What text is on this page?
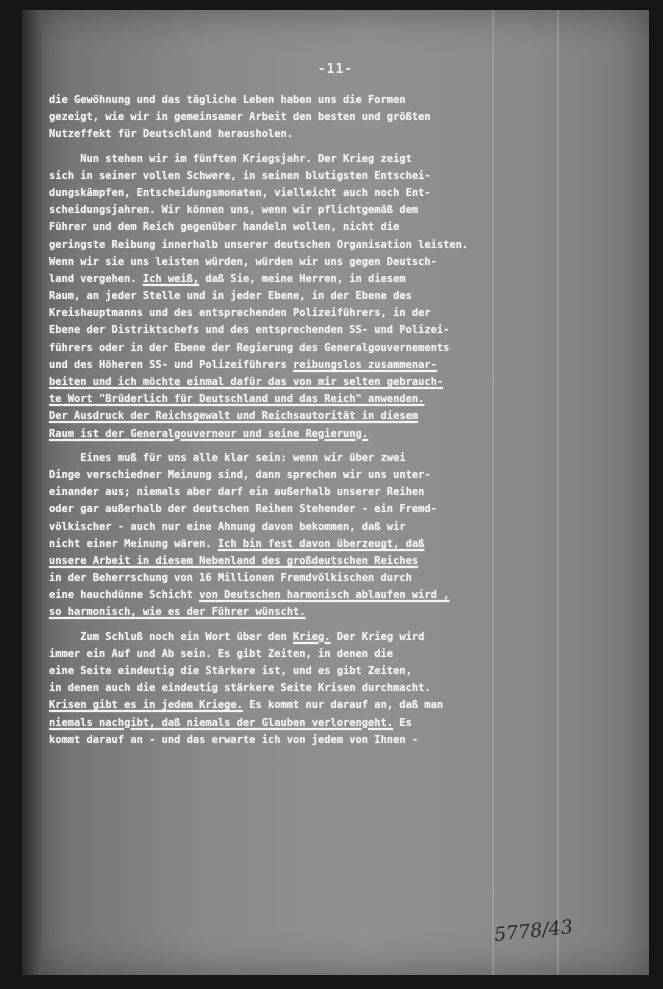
-11-
die Gewöhnung und das tägliche Leben haben uns die Formen
gezeigt, wie wir in gemeinsamer Arbeit den besten und größten
Nutzeffekt für Deutschland herausholen.
Nun stehen wir im fünften Kriegsjahr. Der Krieg zeigt
sich in seiner vollen Schwere, in seinen blutigsten Entschei-
dungskämpfen, Entscheidungsmonaten, vielleicht auch noch Ent-
scheidungsjahren. Wir können uns, wenn wir pflichtgemäß dem
Führer und dem Reich gegenüber handeln wollen, nicht die
geringste Reibung innerhalb unserer deutschen Organisation leisten.
Wenn wir sie uns leisten würden, würden wir uns gegen Deutsch-
land vergehen. Ich weiß, daß Sie, meine Herren, in diesem
Raum, an jeder Stelle und in jeder Ebene, in der Ebene des
Kreishauptmanns und des entsprechenden Polizeiführers, in der
Ebene der Distriktschefs und des entsprechenden SS- und Polizei-
führers oder in der Ebene der Regierung des Generalgouvernements
und des Höheren SS- und Polizeiführers reibungslos zusammenar-
beiten und ich möchte einmal dafür das von mir selten gebrauch-
te Wort "Brüderlich für Deutschland und das Reich" anwenden.
Der Ausdruck der Reichsgewalt und Reichsautorität in diesem
Raum ist der Generalgouverneur und seine Regierung.
Eines muß für uns alle klar sein: wenn wir über zwei
Dinge verschiedner Meinung sind, dann sprechen wir uns unter-
einander aus; niemals aber darf ein außerhalb unserer Reihen
oder gar außerhalb der deutschen Reihen Stehender - ein Fremd-
völkischer - auch nur eine Ahnung davon bekommen, daß wir
nicht einer Meinung wären. Ich bin fest davon überzeugt, daß
unsere Arbeit in diesem Nebenland des großdeutschen Reiches
in der Beherrschung von 16 Millionen Fremdvölkischen durch
eine hauchdünne Schicht von Deutschen harmonisch ablaufen wird ,
so harmonisch, wie es der Führer wünscht.
Zum Schluß noch ein Wort über den Krieg. Der Krieg wird
immer ein Auf und Ab sein. Es gibt Zeiten, in denen die
eine Seite eindeutig die Stärkere ist, und es gibt Zeiten,
in denen auch die eindeutig stärkere Seite Krisen durchmacht.
Krisen gibt es in jedem Kriege. Es kommt nur darauf an, daß man
niemals nachgibt, daß niemals der Glauben verlorengeht. Es
kommt darauf an - und das erwarte ich von jedem von Ihnen -
5778/43
